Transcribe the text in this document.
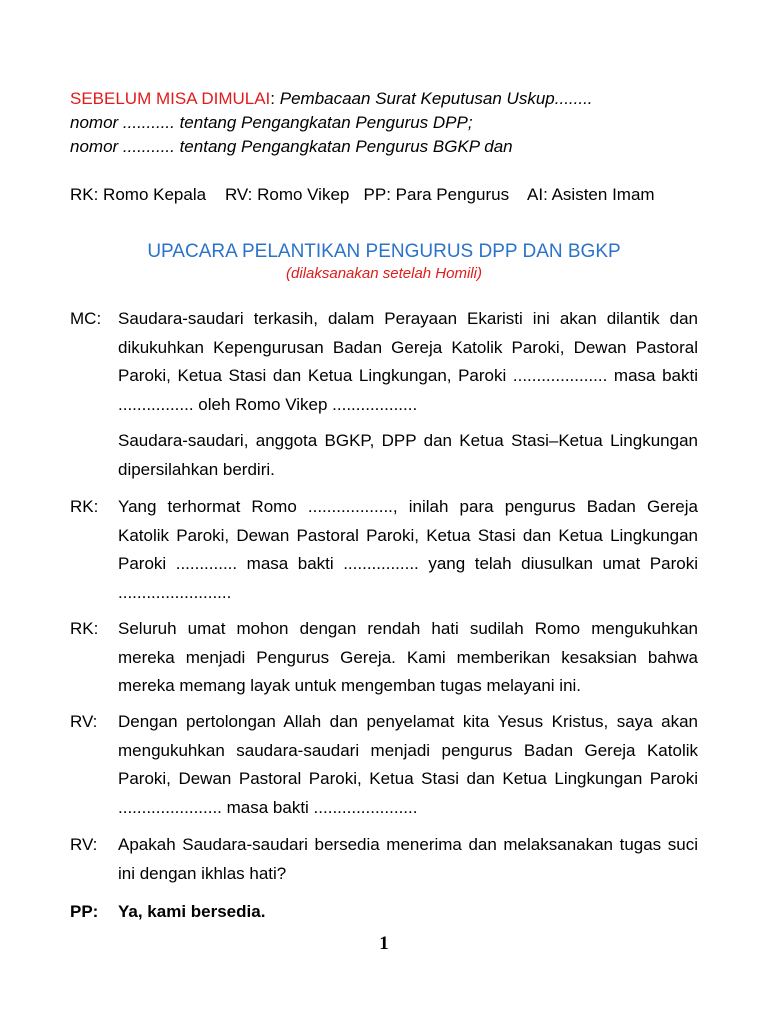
SEBELUM MISA DIMULAI: Pembacaan Surat Keputusan Uskup........
nomor ........... tentang Pengangkatan Pengurus DPP;
nomor ........... tentang Pengangkatan Pengurus BGKP dan
RK: Romo Kepala    RV: Romo Vikep   PP: Para Pengurus    AI: Asisten Imam
UPACARA PELANTIKAN PENGURUS DPP DAN BGKP
(dilaksanakan setelah Homili)
MC: Saudara-saudari terkasih, dalam Perayaan Ekaristi ini akan dilantik dan dikukuhkan Kepengurusan Badan Gereja Katolik Paroki, Dewan Pastoral Paroki, Ketua Stasi dan Ketua Lingkungan, Paroki .................... masa bakti ................ oleh Romo Vikep ..................

Saudara-saudari, anggota BGKP, DPP dan Ketua Stasi–Ketua Lingkungan dipersilahkan berdiri.

RK:	Yang terhormat Romo .................., inilah para pengurus Badan Gereja Katolik Paroki, Dewan Pastoral Paroki, Ketua Stasi dan Ketua Lingkungan Paroki ............. masa bakti ................ yang telah diusulkan umat Paroki ........................

RK:	Seluruh umat mohon dengan rendah hati sudilah Romo mengukuhkan mereka menjadi Pengurus Gereja. Kami memberikan kesaksian bahwa mereka memang layak untuk mengemban tugas melayani ini.

RV:	Dengan pertolongan Allah dan penyelamat kita Yesus Kristus, saya akan mengukuhkan saudara-saudari menjadi pengurus Badan Gereja Katolik Paroki, Dewan Pastoral Paroki, Ketua Stasi dan Ketua Lingkungan Paroki ...................... masa bakti ......................

RV:	Apakah Saudara-saudari bersedia menerima dan melaksanakan tugas suci ini dengan ikhlas hati?

PP:	Ya, kami bersedia.

1
